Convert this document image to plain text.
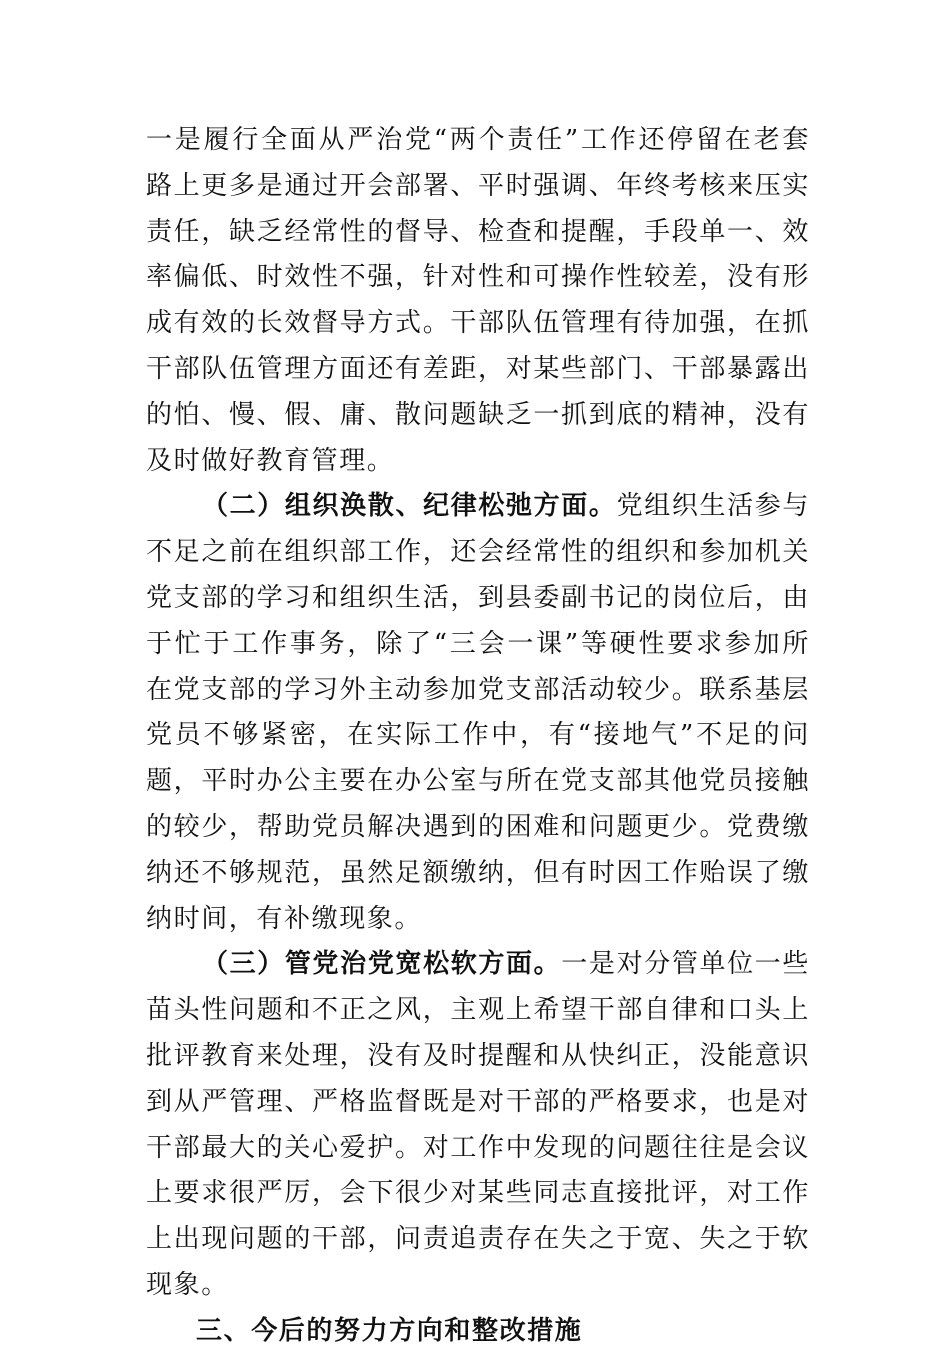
一是履行全面从严治党“两个责任”工作还停留在老套路上更多是通过开会部署、平时强调、年终考核来压实责任，缺乏经常性的督导、检查和提醒，手段单一、效率偏低、时效性不强，针对性和可操作性较差，没有形成有效的长效督导方式。干部队伍管理有待加强，在抓干部队伍管理方面还有差距，对某些部门、干部暴露出的怕、慢、假、庸、散问题缺乏一抓到底的精神，没有及时做好教育管理。

（二）组织涣散、纪律松弛方面。党组织生活参与不足之前在组织部工作，还会经常性的组织和参加机关党支部的学习和组织生活，到县委副书记的岗位后，由于忙于工作事务，除了“三会一课”等硬性要求参加所在党支部的学习外主动参加党支部活动较少。联系基层党员不够紧密，在实际工作中，有“接地气”不足的问题，平时办公主要在办公室与所在党支部其他党员接触的较少，帮助党员解决遇到的困难和问题更少。党费缴纳还不够规范，虽然足额缴纳，但有时因工作贻误了缴纳时间，有补缴现象。

（三）管党治党宽松软方面。一是对分管单位一些苗头性问题和不正之风，主观上希望干部自律和口头上批评教育来处理，没有及时提醒和从快纠正，没能意识到从严管理、严格监督既是对干部的严格要求，也是对干部最大的关心爱护。对工作中发现的问题往往是会议上要求很严厉，会下很少对某些同志直接批评，对工作上出现问题的干部，问责追责存在失之于宽、失之于软现象。

三、今后的努力方向和整改措施
